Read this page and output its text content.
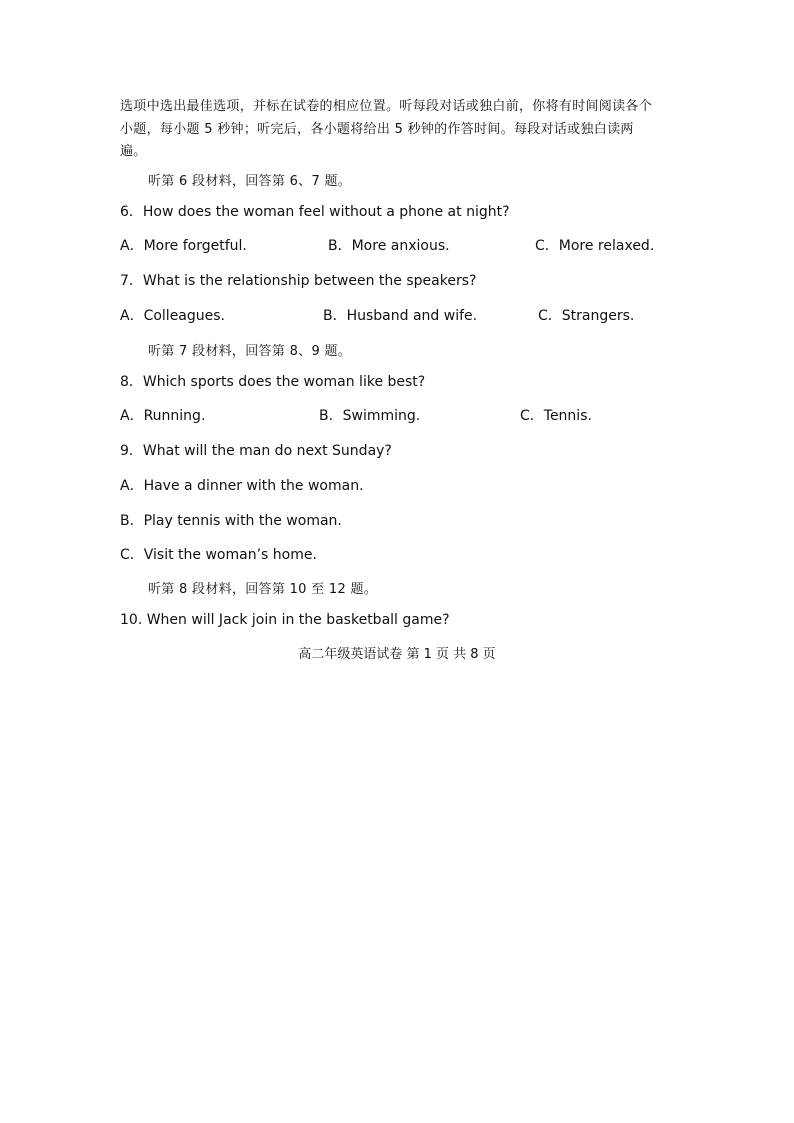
选项中选出最佳选项，并标在试卷的相应位置。听每段对话或独白前，你将有时间阅读各个
小题，每小题 5 秒钟；听完后，各小题将给出 5 秒钟的作答时间。每段对话或独白读两
遍。
听第 6 段材料，回答第 6、7 题。
6．How does the woman feel without a phone at night?
A．More forgetful.	B．More anxious.	C．More relaxed.
7．What is the relationship between the speakers?
A．Colleagues.	B．Husband and wife.	C．Strangers.
听第 7 段材料，回答第 8、9 题。
8．Which sports does the woman like best?
A．Running.	B．Swimming.	C．Tennis.
9．What will the man do next Sunday?
A．Have a dinner with the woman.
B．Play tennis with the woman.
C．Visit the woman’s home.
听第 8 段材料，回答第 10 至 12 题。
10. When will Jack join in the basketball game?
高二年级英语试卷 第 1 页 共 8 页
